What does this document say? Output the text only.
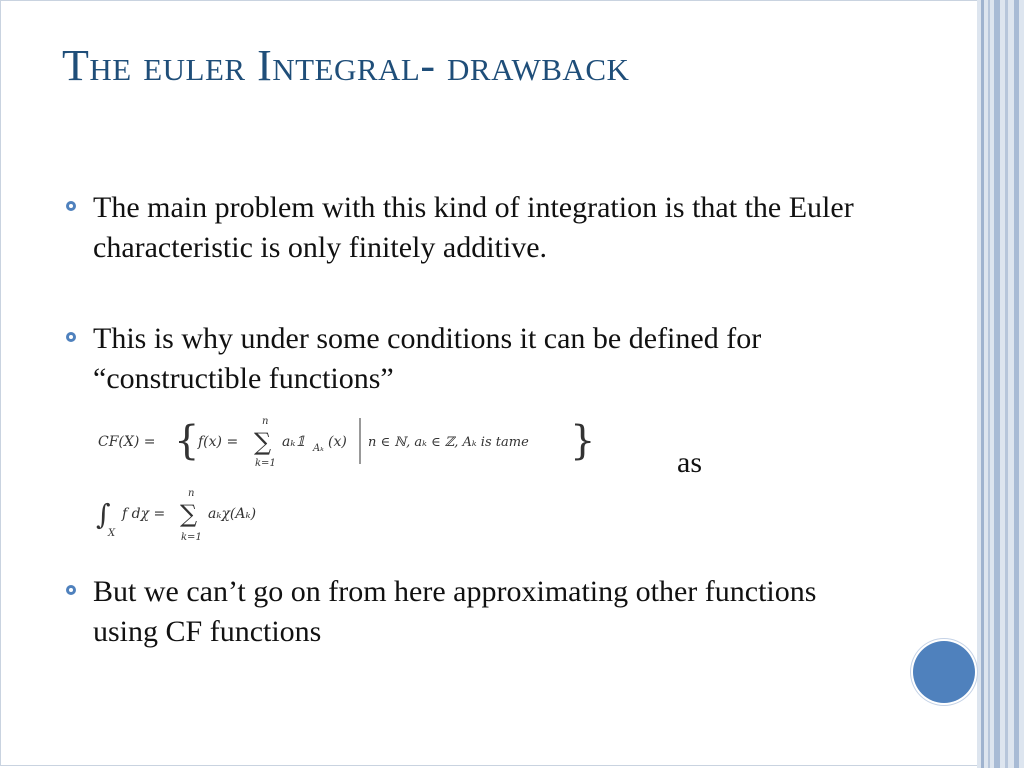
The euler Integral- drawback
The main problem with this kind of integration is that the Euler characteristic is only finitely additive.
This is why under some conditions it can be defined for “constructible functions”
CF(X) = {
f(x) =
n
∑
k=1
aₖ𝟙 Aₖ (x) n ∈ ℕ, aₖ ∈ ℤ, Aₖ is tame }	as
∫
X
f dχ =
n
∑
k=1
aₖχ(Aₖ)
But we can’t go on from here approximating other functions using CF functions
